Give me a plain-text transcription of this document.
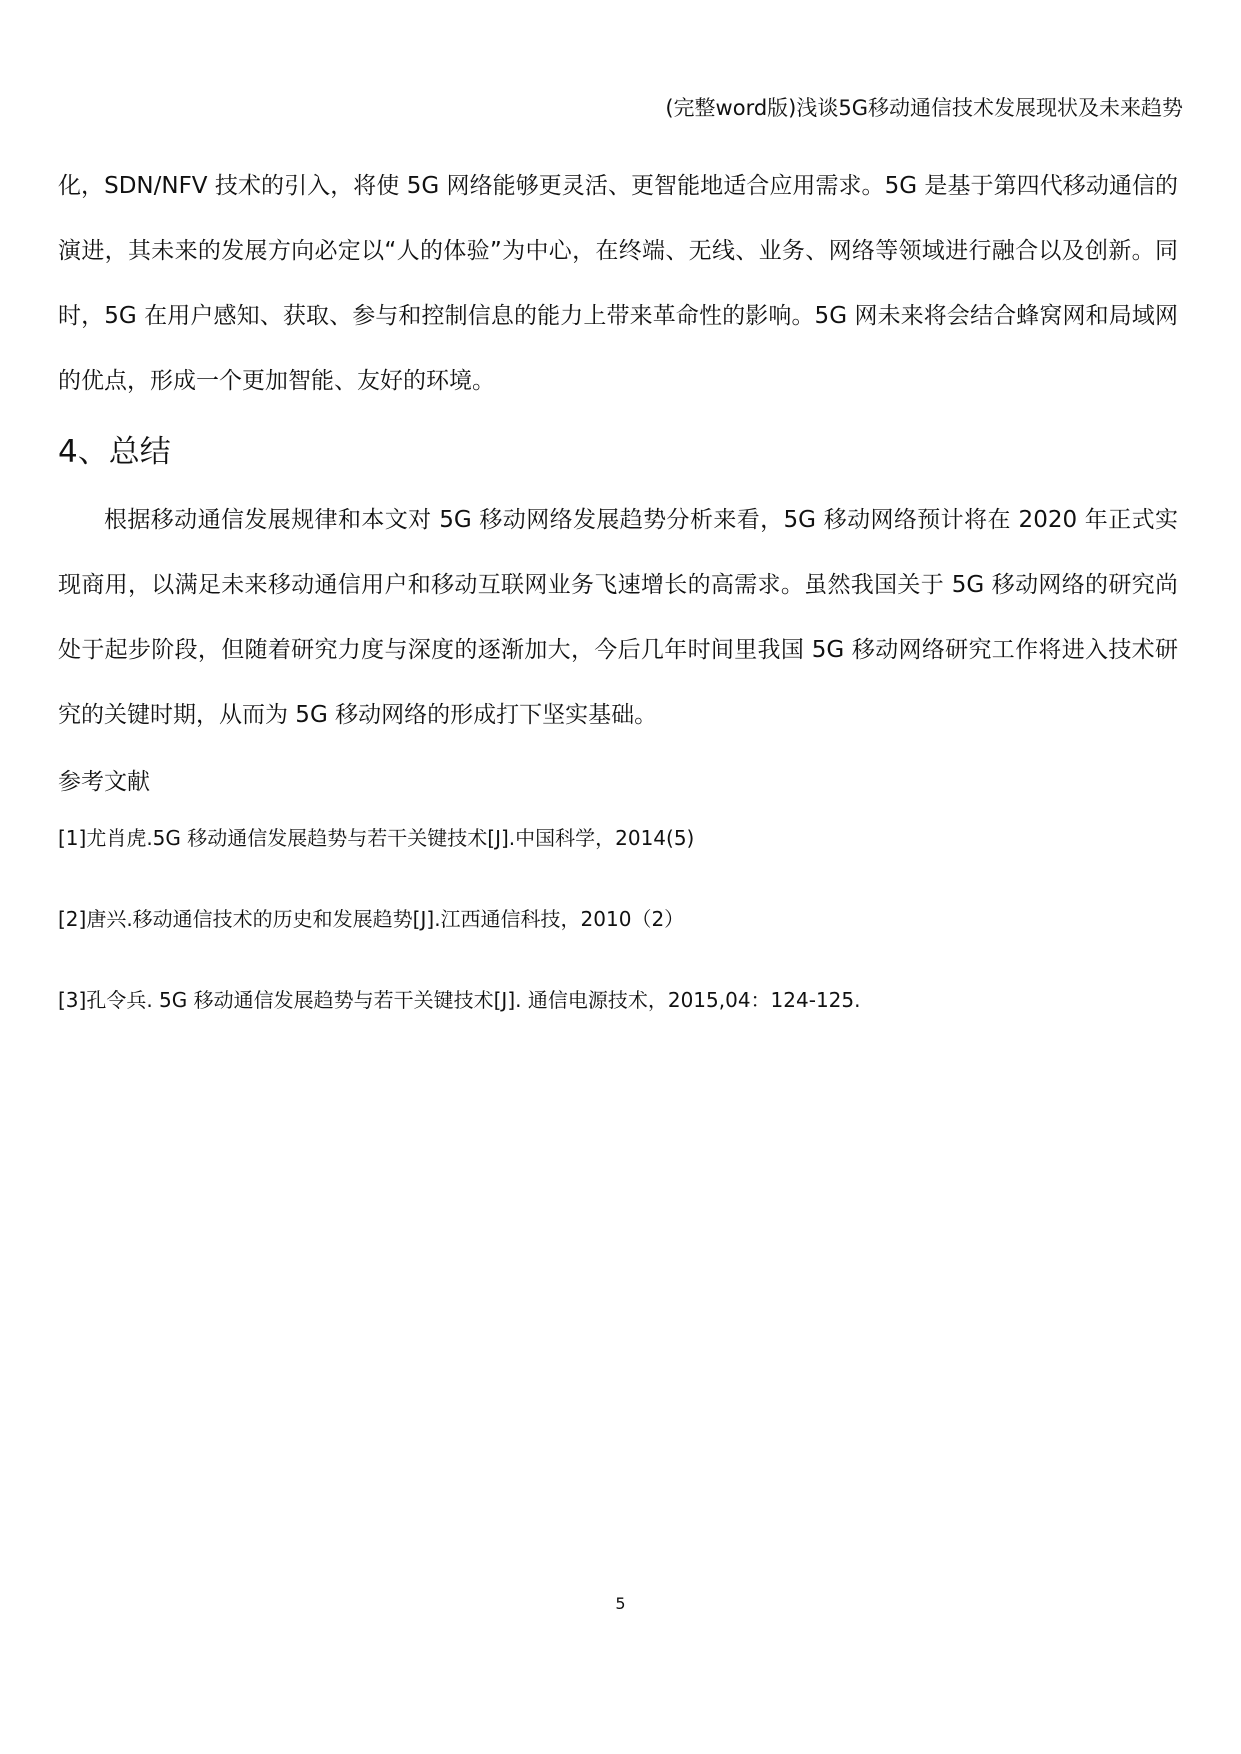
(完整word版)浅谈5G移动通信技术发展现状及未来趋势

化，SDN/NFV 技术的引入，将使 5G 网络能够更灵活、更智能地适合应用需求。5G 是基于第四代移动通信的演进，其未来的发展方向必定以“人的体验”为中心，在终端、无线、业务、网络等领域进行融合以及创新。同时，5G 在用户感知、获取、参与和控制信息的能力上带来革命性的影响。5G 网未来将会结合蜂窝网和局域网的优点，形成一个更加智能、友好的环境。

4、总结

根据移动通信发展规律和本文对 5G 移动网络发展趋势分析来看，5G 移动网络预计将在 2020 年正式实现商用，以满足未来移动通信用户和移动互联网业务飞速增长的高需求。虽然我国关于 5G 移动网络的研究尚处于起步阶段，但随着研究力度与深度的逐渐加大，今后几年时间里我国 5G 移动网络研究工作将进入技术研究的关键时期，从而为 5G 移动网络的形成打下坚实基础。

参考文献
[1]尤肖虎.5G 移动通信发展趋势与若干关键技术[J].中国科学，2014(5)
[2]唐兴.移动通信技术的历史和发展趋势[J].江西通信科技，2010（2）
[3]孔令兵. 5G 移动通信发展趋势与若干关键技术[J]. 通信电源技术，2015,04：124-125.
5
